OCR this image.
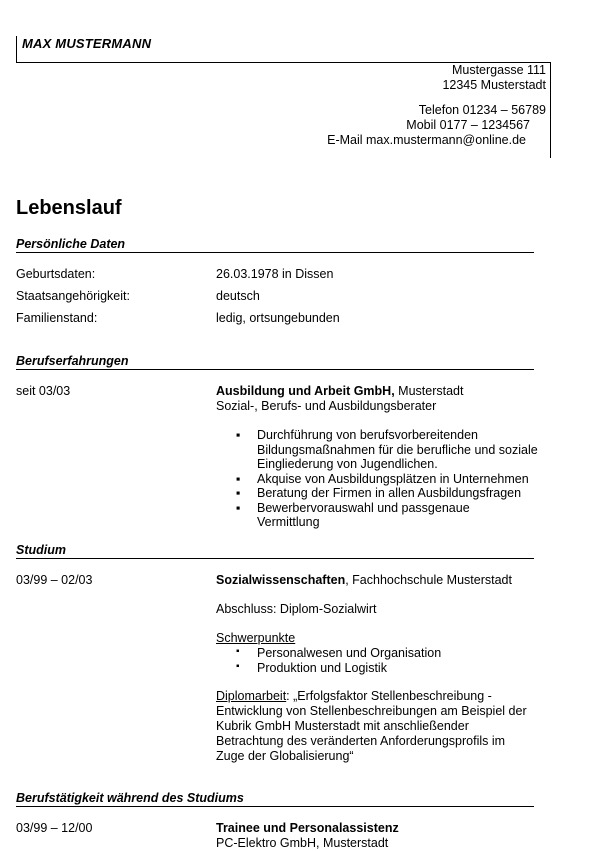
MAX MUSTERMANN
Mustergasse 111
12345 Musterstadt
Telefon 01234 – 56789
Mobil 0177 – 1234567
E-Mail max.mustermann@online.de
Lebenslauf
Persönliche Daten
Geburtsdaten:	26.03.1978 in Dissen
Staatsangehörigkeit:	deutsch
Familienstand:	ledig, ortsungebunden
Berufserfahrungen
seit 03/03	Ausbildung und Arbeit GmbH, Musterstadt
Sozial-, Berufs- und Ausbildungsberater
▪ Durchführung von berufsvorbereitenden Bildungsmaßnahmen für die berufliche und soziale Eingliederung von Jugendlichen.
▪ Akquise von Ausbildungsplätzen in Unternehmen
▪ Beratung der Firmen in allen Ausbildungsfragen
▪ Bewerbervorauswahl und passgenaue Vermittlung
Studium
03/99 – 02/03	Sozialwissenschaften, Fachhochschule Musterstadt
Abschluss: Diplom-Sozialwirt
Schwerpunkte
▪ Personalwesen und Organisation
▪ Produktion und Logistik
Diplomarbeit: „Erfolgsfaktor Stellenbeschreibung - Entwicklung von Stellenbeschreibungen am Beispiel der Kubrik GmbH Musterstadt mit anschließender Betrachtung des veränderten Anforderungsprofils im Zuge der Globalisierung“
Berufstätigkeit während des Studiums
03/99 – 12/00	Trainee und Personalassistenz
PC-Elektro GmbH, Musterstadt
